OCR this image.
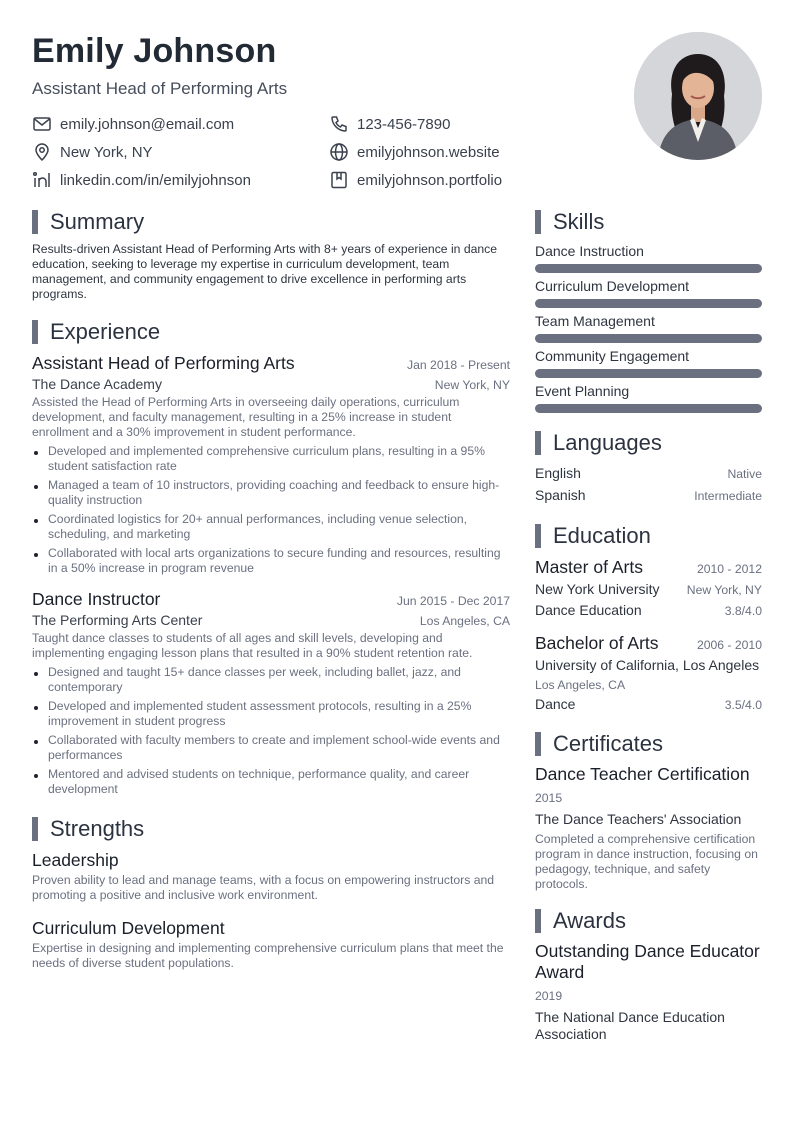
Emily Johnson
Assistant Head of Performing Arts
emily.johnson@email.com	123-456-7890
New York, NY	emilyjohnson.website
linkedin.com/in/emilyjohnson	emilyjohnson.portfolio
Summary
Results-driven Assistant Head of Performing Arts with 8+ years of experience in dance education, seeking to leverage my expertise in curriculum development, team management, and community engagement to drive excellence in performing arts programs.
Experience
Assistant Head of Performing Arts	Jan 2018 - Present
The Dance Academy	New York, NY
Assisted the Head of Performing Arts in overseeing daily operations, curriculum development, and faculty management, resulting in a 25% increase in student enrollment and a 30% improvement in student performance.
Developed and implemented comprehensive curriculum plans, resulting in a 95% student satisfaction rate
Managed a team of 10 instructors, providing coaching and feedback to ensure high-quality instruction
Coordinated logistics for 20+ annual performances, including venue selection, scheduling, and marketing
Collaborated with local arts organizations to secure funding and resources, resulting in a 50% increase in program revenue
Dance Instructor	Jun 2015 - Dec 2017
The Performing Arts Center	Los Angeles, CA
Taught dance classes to students of all ages and skill levels, developing and implementing engaging lesson plans that resulted in a 90% student retention rate.
Designed and taught 15+ dance classes per week, including ballet, jazz, and contemporary
Developed and implemented student assessment protocols, resulting in a 25% improvement in student progress
Collaborated with faculty members to create and implement school-wide events and performances
Mentored and advised students on technique, performance quality, and career development
Strengths
Leadership
Proven ability to lead and manage teams, with a focus on empowering instructors and promoting a positive and inclusive work environment.
Curriculum Development
Expertise in designing and implementing comprehensive curriculum plans that meet the needs of diverse student populations.
Skills
Dance Instruction
Curriculum Development
Team Management
Community Engagement
Event Planning
Languages
English	Native
Spanish	Intermediate
Education
Master of Arts	2010 - 2012
New York University New York, NY
Dance Education	3.8/4.0
Bachelor of Arts	2006 - 2010
University of California, Los Angeles
Los Angeles, CA
Dance	3.5/4.0
Certificates
Dance Teacher Certification
2015
The Dance Teachers' Association
Completed a comprehensive certification program in dance instruction, focusing on pedagogy, technique, and safety protocols.
Awards
Outstanding Dance Educator Award
2019
The National Dance Education Association
